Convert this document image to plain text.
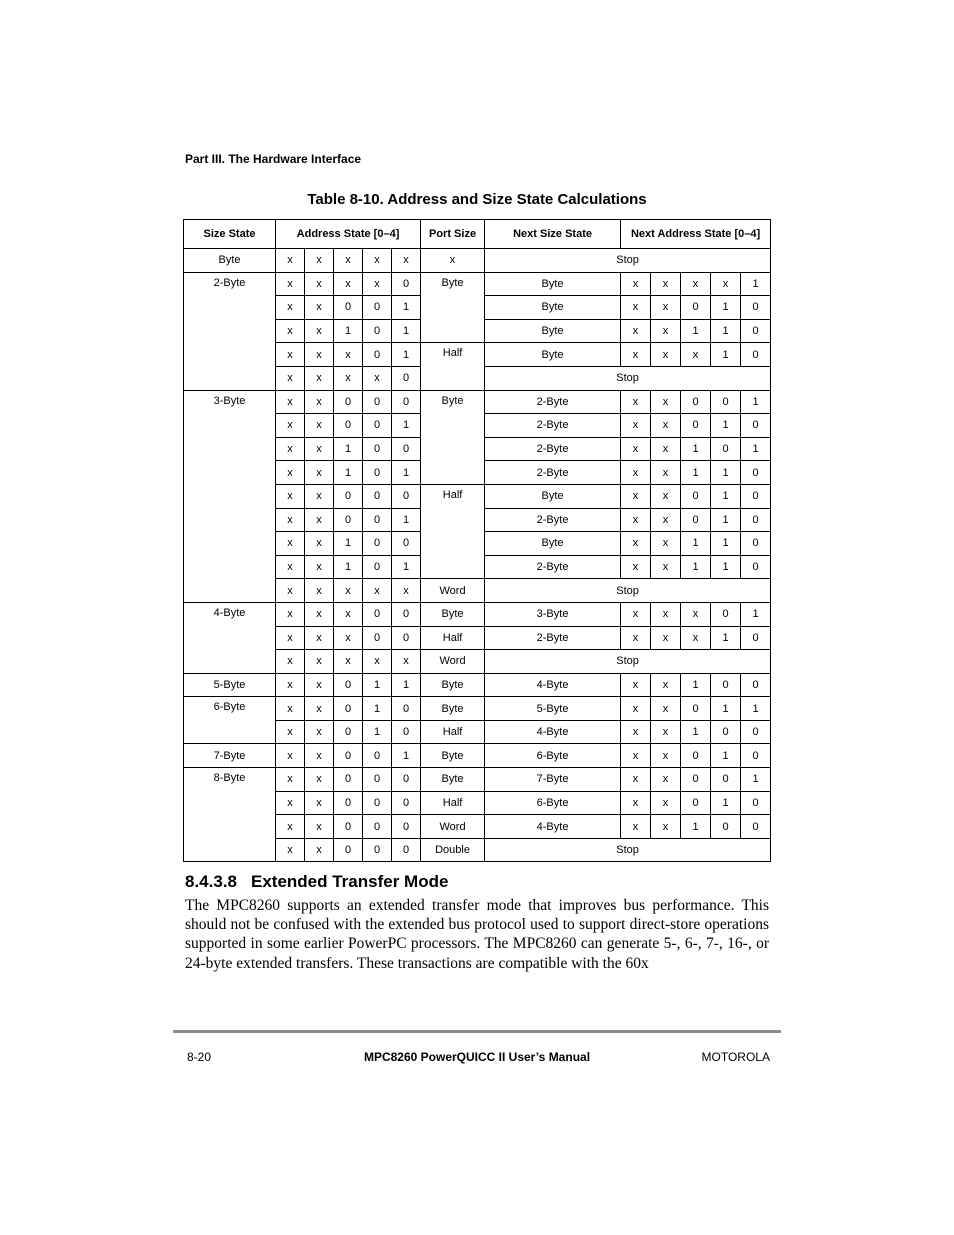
Part III. The Hardware Interface
Table 8-10. Address and Size State Calculations
Size State	Address State [0–4]					Port Size	Next Size State	Next Address State [0–4]				
Byte	x	x	x	x	x	x	Stop					
2-Byte	x	x	x	x	0	Byte	Byte	x	x	x	x	1
	x	x	0	0	1		Byte	x	x	0	1	0
	x	x	1	0	1		Byte	x	x	1	1	0
	x	x	x	0	1	Half	Byte	x	x	x	1	0
	x	x	x	x	0		Stop					
3-Byte	x	x	0	0	0	Byte	2-Byte	x	x	0	0	1
	x	x	0	0	1		2-Byte	x	x	0	1	0
	x	x	1	0	0		2-Byte	x	x	1	0	1
	x	x	1	0	1		2-Byte	x	x	1	1	0
	x	x	0	0	0	Half	Byte	x	x	0	1	0
	x	x	0	0	1		2-Byte	x	x	0	1	0
	x	x	1	0	0		Byte	x	x	1	1	0
	x	x	1	0	1		2-Byte	x	x	1	1	0
	x	x	x	x	x	Word	Stop					
4-Byte	x	x	x	0	0	Byte	3-Byte	x	x	x	0	1
	x	x	x	0	0	Half	2-Byte	x	x	x	1	0
	x	x	x	x	x	Word	Stop					
5-Byte	x	x	0	1	1	Byte	4-Byte	x	x	1	0	0
6-Byte	x	x	0	1	0	Byte	5-Byte	x	x	0	1	1
	x	x	0	1	0	Half	4-Byte	x	x	1	0	0
7-Byte	x	x	0	0	1	Byte	6-Byte	x	x	0	1	0
8-Byte	x	x	0	0	0	Byte	7-Byte	x	x	0	0	1
	x	x	0	0	0	Half	6-Byte	x	x	0	1	0
	x	x	0	0	0	Word	4-Byte	x	x	1	0	0
	x	x	0	0	0	Double	Stop					
8.4.3.8 Extended Transfer Mode
The MPC8260 supports an extended transfer mode that improves bus performance. This should not be confused with the extended bus protocol used to support direct-store operations supported in some earlier PowerPC processors. The MPC8260 can generate 5-, 6-, 7-, 16-, or 24-byte extended transfers. These transactions are compatible with the 60x
8-20	MPC8260 PowerQUICC II User’s Manual	MOTOROLA
